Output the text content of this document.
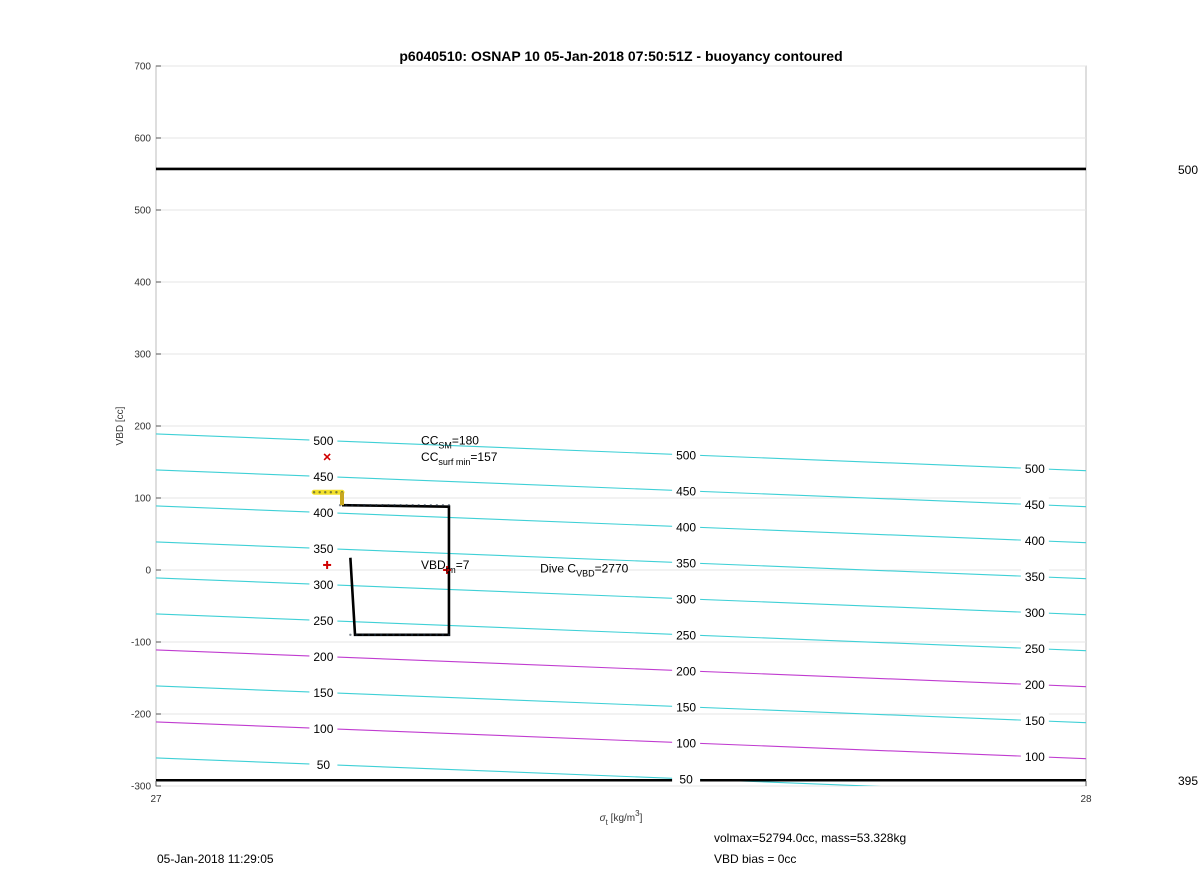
500
395
500
500
500
450
450
450
400
400
400
350
350
350
300
300
300
250
250
250
200
200
200
150
150
150
100
100
100
50
50
$CC_{SM}=180$
$CC_{surf min}=157$
$VBD_{tm}=7$	Dive $C_{VBD}=2770$
-300
-200
-100
0
100
200
300
400
500
600
700
27	28
p6040510: OSNAP 10 05-Jan-2018 07:50:51Z - buoyancy contoured
VBD [cc]
$\sigma_t$ $[kg/m^3]$
05-Jan-2018 11:29:05
volmax=52794.0cc, mass=53.328kg
VBD bias = 0cc
